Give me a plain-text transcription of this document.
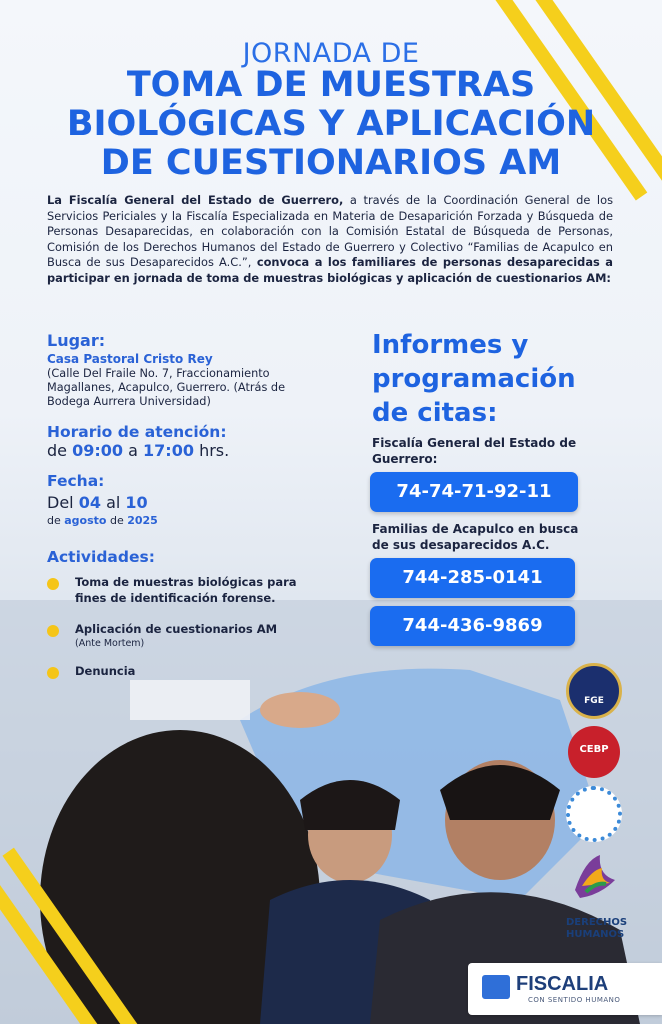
JORNADA DE
TOMA DE MUESTRAS
BIOLÓGICAS Y APLICACIÓN
DE CUESTIONARIOS AM
La Fiscalía General del Estado de Guerrero, a través de la Coordinación General de los Servicios Periciales y la Fiscalía Especializada en Materia de Desaparición Forzada y Búsqueda de Personas Desaparecidas, en colaboración con la Comisión Estatal de Búsqueda de Personas, Comisión de los Derechos Humanos del Estado de Guerrero y Colectivo “Familias de Acapulco en Busca de sus Desaparecidos A.C.”, convoca a los familiares de personas desaparecidas a participar en jornada de toma de muestras biológicas y aplicación de cuestionarios AM:
Lugar:
Casa Pastoral Cristo Rey
(Calle Del Fraile No. 7, Fraccionamiento
Magallanes, Acapulco, Guerrero. (Atrás de
Bodega Aurrera Universidad)
Horario de atención:
de 09:00 a 17:00 hrs.
Fecha:
Del 04 al 10
de agosto de 2025
Actividades:
Toma de muestras biológicas para
fines de identificación forense.
Aplicación de cuestionarios AM
(Ante Mortem)
Denuncia
Informes y
programación
de citas:
Fiscalía General del Estado de
Guerrero:
74-74-71-92-11
Familias de Acapulco en busca
de sus desaparecidos A.C.
744-285-0141
744-436-9869
FGE
CEBP
DERECHOS
HUMANOS
FISCALIA
CON SENTIDO HUMANO
